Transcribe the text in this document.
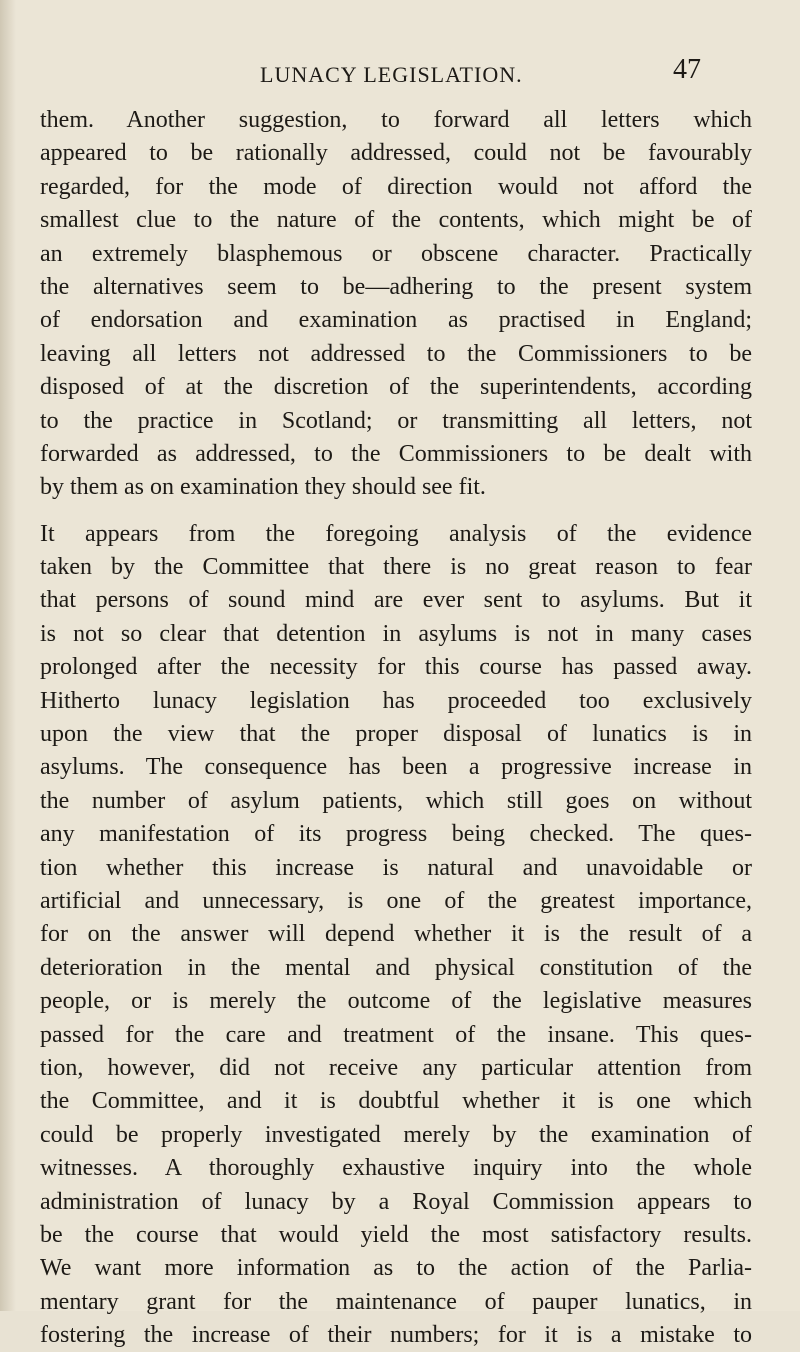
LUNACY LEGISLATION.	47
them. Another suggestion, to forward all letters which
appeared to be rationally addressed, could not be favourably
regarded, for the mode of direction would not afford the
smallest clue to the nature of the contents, which might be of
an extremely blasphemous or obscene character. Practically
the alternatives seem to be—adhering to the present system
of endorsation and examination as practised in England;
leaving all letters not addressed to the Commissioners to be
disposed of at the discretion of the superintendents, according
to the practice in Scotland; or transmitting all letters, not
forwarded as addressed, to the Commissioners to be dealt with
by them as on examination they should see fit.
It appears from the foregoing analysis of the evidence
taken by the Committee that there is no great reason to fear
that persons of sound mind are ever sent to asylums. But it
is not so clear that detention in asylums is not in many cases
prolonged after the necessity for this course has passed away.
Hitherto lunacy legislation has proceeded too exclusively
upon the view that the proper disposal of lunatics is in
asylums. The consequence has been a progressive increase in
the number of asylum patients, which still goes on without
any manifestation of its progress being checked. The ques-
tion whether this increase is natural and unavoidable or
artificial and unnecessary, is one of the greatest importance,
for on the answer will depend whether it is the result of a
deterioration in the mental and physical constitution of the
people, or is merely the outcome of the legislative measures
passed for the care and treatment of the insane. This ques-
tion, however, did not receive any particular attention from
the Committee, and it is doubtful whether it is one which
could be properly investigated merely by the examination of
witnesses. A thoroughly exhaustive inquiry into the whole
administration of lunacy by a Royal Commission appears to
be the course that would yield the most satisfactory results.
We want more information as to the action of the Parlia-
mentary grant for the maintenance of pauper lunatics, in
fostering the increase of their numbers; for it is a mistake to
